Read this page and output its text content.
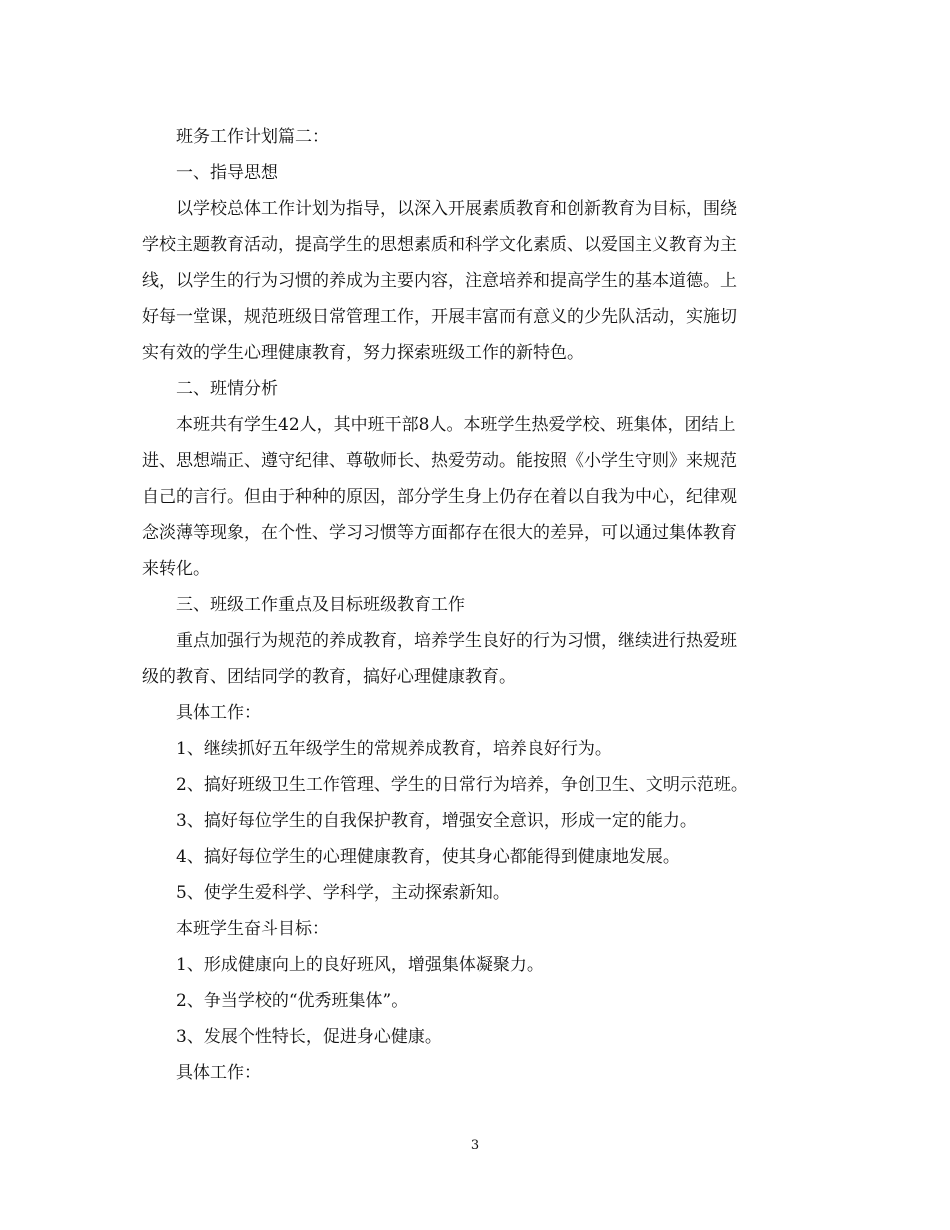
班务工作计划篇二：
一、指导思想
以学校总体工作计划为指导，以深入开展素质教育和创新教育为目标，围绕
学校主题教育活动，提高学生的思想素质和科学文化素质、以爱国主义教育为主
线，以学生的行为习惯的养成为主要内容，注意培养和提高学生的基本道德。上
好每一堂课，规范班级日常管理工作，开展丰富而有意义的少先队活动，实施切
实有效的学生心理健康教育，努力探索班级工作的新特色。
二、班情分析
本班共有学生42人，其中班干部8人。本班学生热爱学校、班集体，团结上
进、思想端正、遵守纪律、尊敬师长、热爱劳动。能按照《小学生守则》来规范
自己的言行。但由于种种的原因，部分学生身上仍存在着以自我为中心，纪律观
念淡薄等现象，在个性、学习习惯等方面都存在很大的差异，可以通过集体教育
来转化。
三、班级工作重点及目标班级教育工作
重点加强行为规范的养成教育，培养学生良好的行为习惯，继续进行热爱班
级的教育、团结同学的教育，搞好心理健康教育。
具体工作：
1、继续抓好五年级学生的常规养成教育，培养良好行为。
2、搞好班级卫生工作管理、学生的日常行为培养，争创卫生、文明示范班。
3、搞好每位学生的自我保护教育，增强安全意识，形成一定的能力。
4、搞好每位学生的心理健康教育，使其身心都能得到健康地发展。
5、使学生爱科学、学科学，主动探索新知。
本班学生奋斗目标：
1、形成健康向上的良好班风，增强集体凝聚力。
2、争当学校的“优秀班集体”。
3、发展个性特长，促进身心健康。
具体工作：
3
